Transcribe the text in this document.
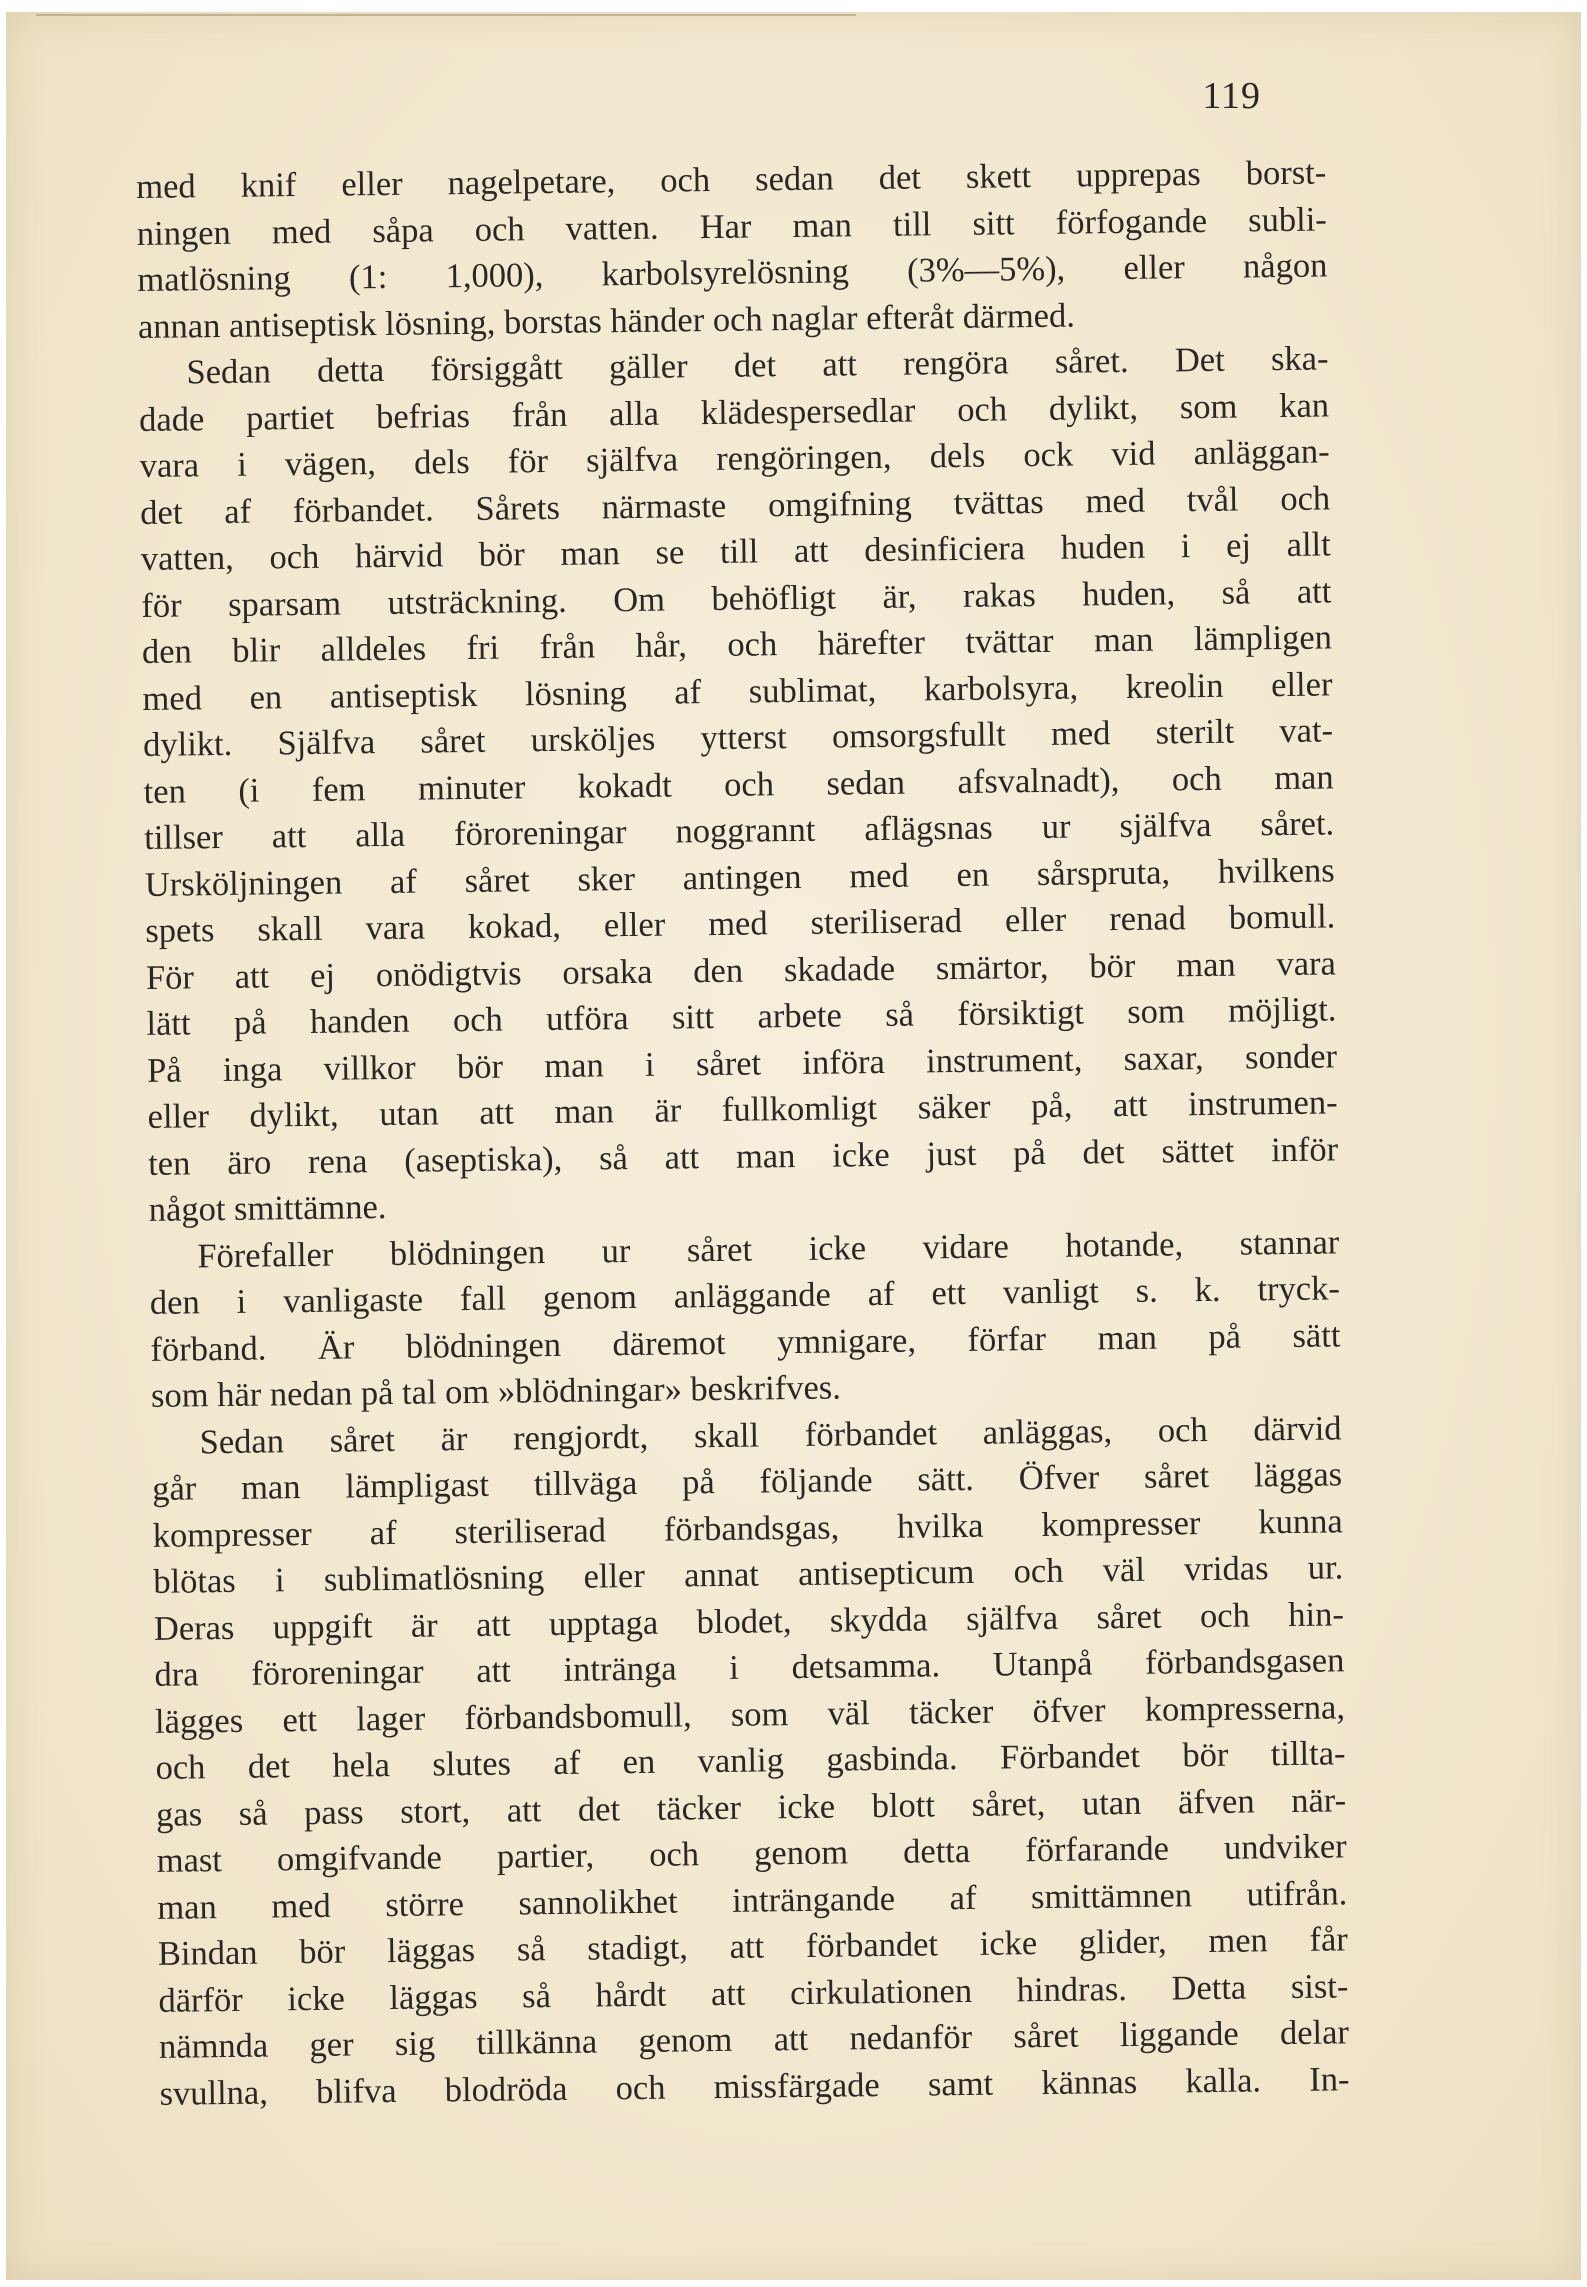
119
med knif eller nagelpetare, och sedan det skett upprepas borst-
ningen med såpa och vatten. Har man till sitt förfogande subli-
matlösning (1: 1,000), karbolsyrelösning (3%—5%), eller någon
annan antiseptisk lösning, borstas händer och naglar efteråt därmed.
Sedan detta försiggått gäller det att rengöra såret. Det ska-
dade partiet befrias från alla klädespersedlar och dylikt, som kan
vara i vägen, dels för själfva rengöringen, dels ock vid anläggan-
det af förbandet. Sårets närmaste omgifning tvättas med tvål och
vatten, och härvid bör man se till att desinficiera huden i ej allt
för sparsam utsträckning. Om behöfligt är, rakas huden, så att
den blir alldeles fri från hår, och härefter tvättar man lämpligen
med en antiseptisk lösning af sublimat, karbolsyra, kreolin eller
dylikt. Själfva såret ursköljes ytterst omsorgsfullt med sterilt vat-
ten (i fem minuter kokadt och sedan afsvalnadt), och man
tillser att alla föroreningar noggrannt aflägsnas ur själfva såret.
Ursköljningen af såret sker antingen med en sårspruta, hvilkens
spets skall vara kokad, eller med steriliserad eller renad bomull.
För att ej onödigtvis orsaka den skadade smärtor, bör man vara
lätt på handen och utföra sitt arbete så försiktigt som möjligt.
På inga villkor bör man i såret införa instrument, saxar, sonder
eller dylikt, utan att man är fullkomligt säker på, att instrumen-
ten äro rena (aseptiska), så att man icke just på det sättet inför
något smittämne.
Förefaller blödningen ur såret icke vidare hotande, stannar
den i vanligaste fall genom anläggande af ett vanligt s. k. tryck-
förband. Är blödningen däremot ymnigare, förfar man på sätt
som här nedan på tal om »blödningar» beskrifves.
Sedan såret är rengjordt, skall förbandet anläggas, och därvid
går man lämpligast tillväga på följande sätt. Öfver såret läggas
kompresser af steriliserad förbandsgas, hvilka kompresser kunna
blötas i sublimatlösning eller annat antisepticum och väl vridas ur.
Deras uppgift är att upptaga blodet, skydda själfva såret och hin-
dra föroreningar att inträngа i detsamma. Utanpå förbandsgasen
lägges ett lager förbandsbomull, som väl täcker öfver kompresserna,
och det hela slutes af en vanlig gasbinda. Förbandet bör tillta-
gas så pass stort, att det täcker icke blott såret, utan äfven när-
mast omgifvande partier, och genom detta förfarande undviker
man med större sannolikhet inträngande af smittämnen utifrån.
Bindan bör läggas så stadigt, att förbandet icke glider, men får
därför icke läggas så hårdt att cirkulationen hindras. Detta sist-
nämnda ger sig tillkänna genom att nedanför såret liggande delar
svullna, blifva blodröda och missfärgade samt kännas kalla. In-
